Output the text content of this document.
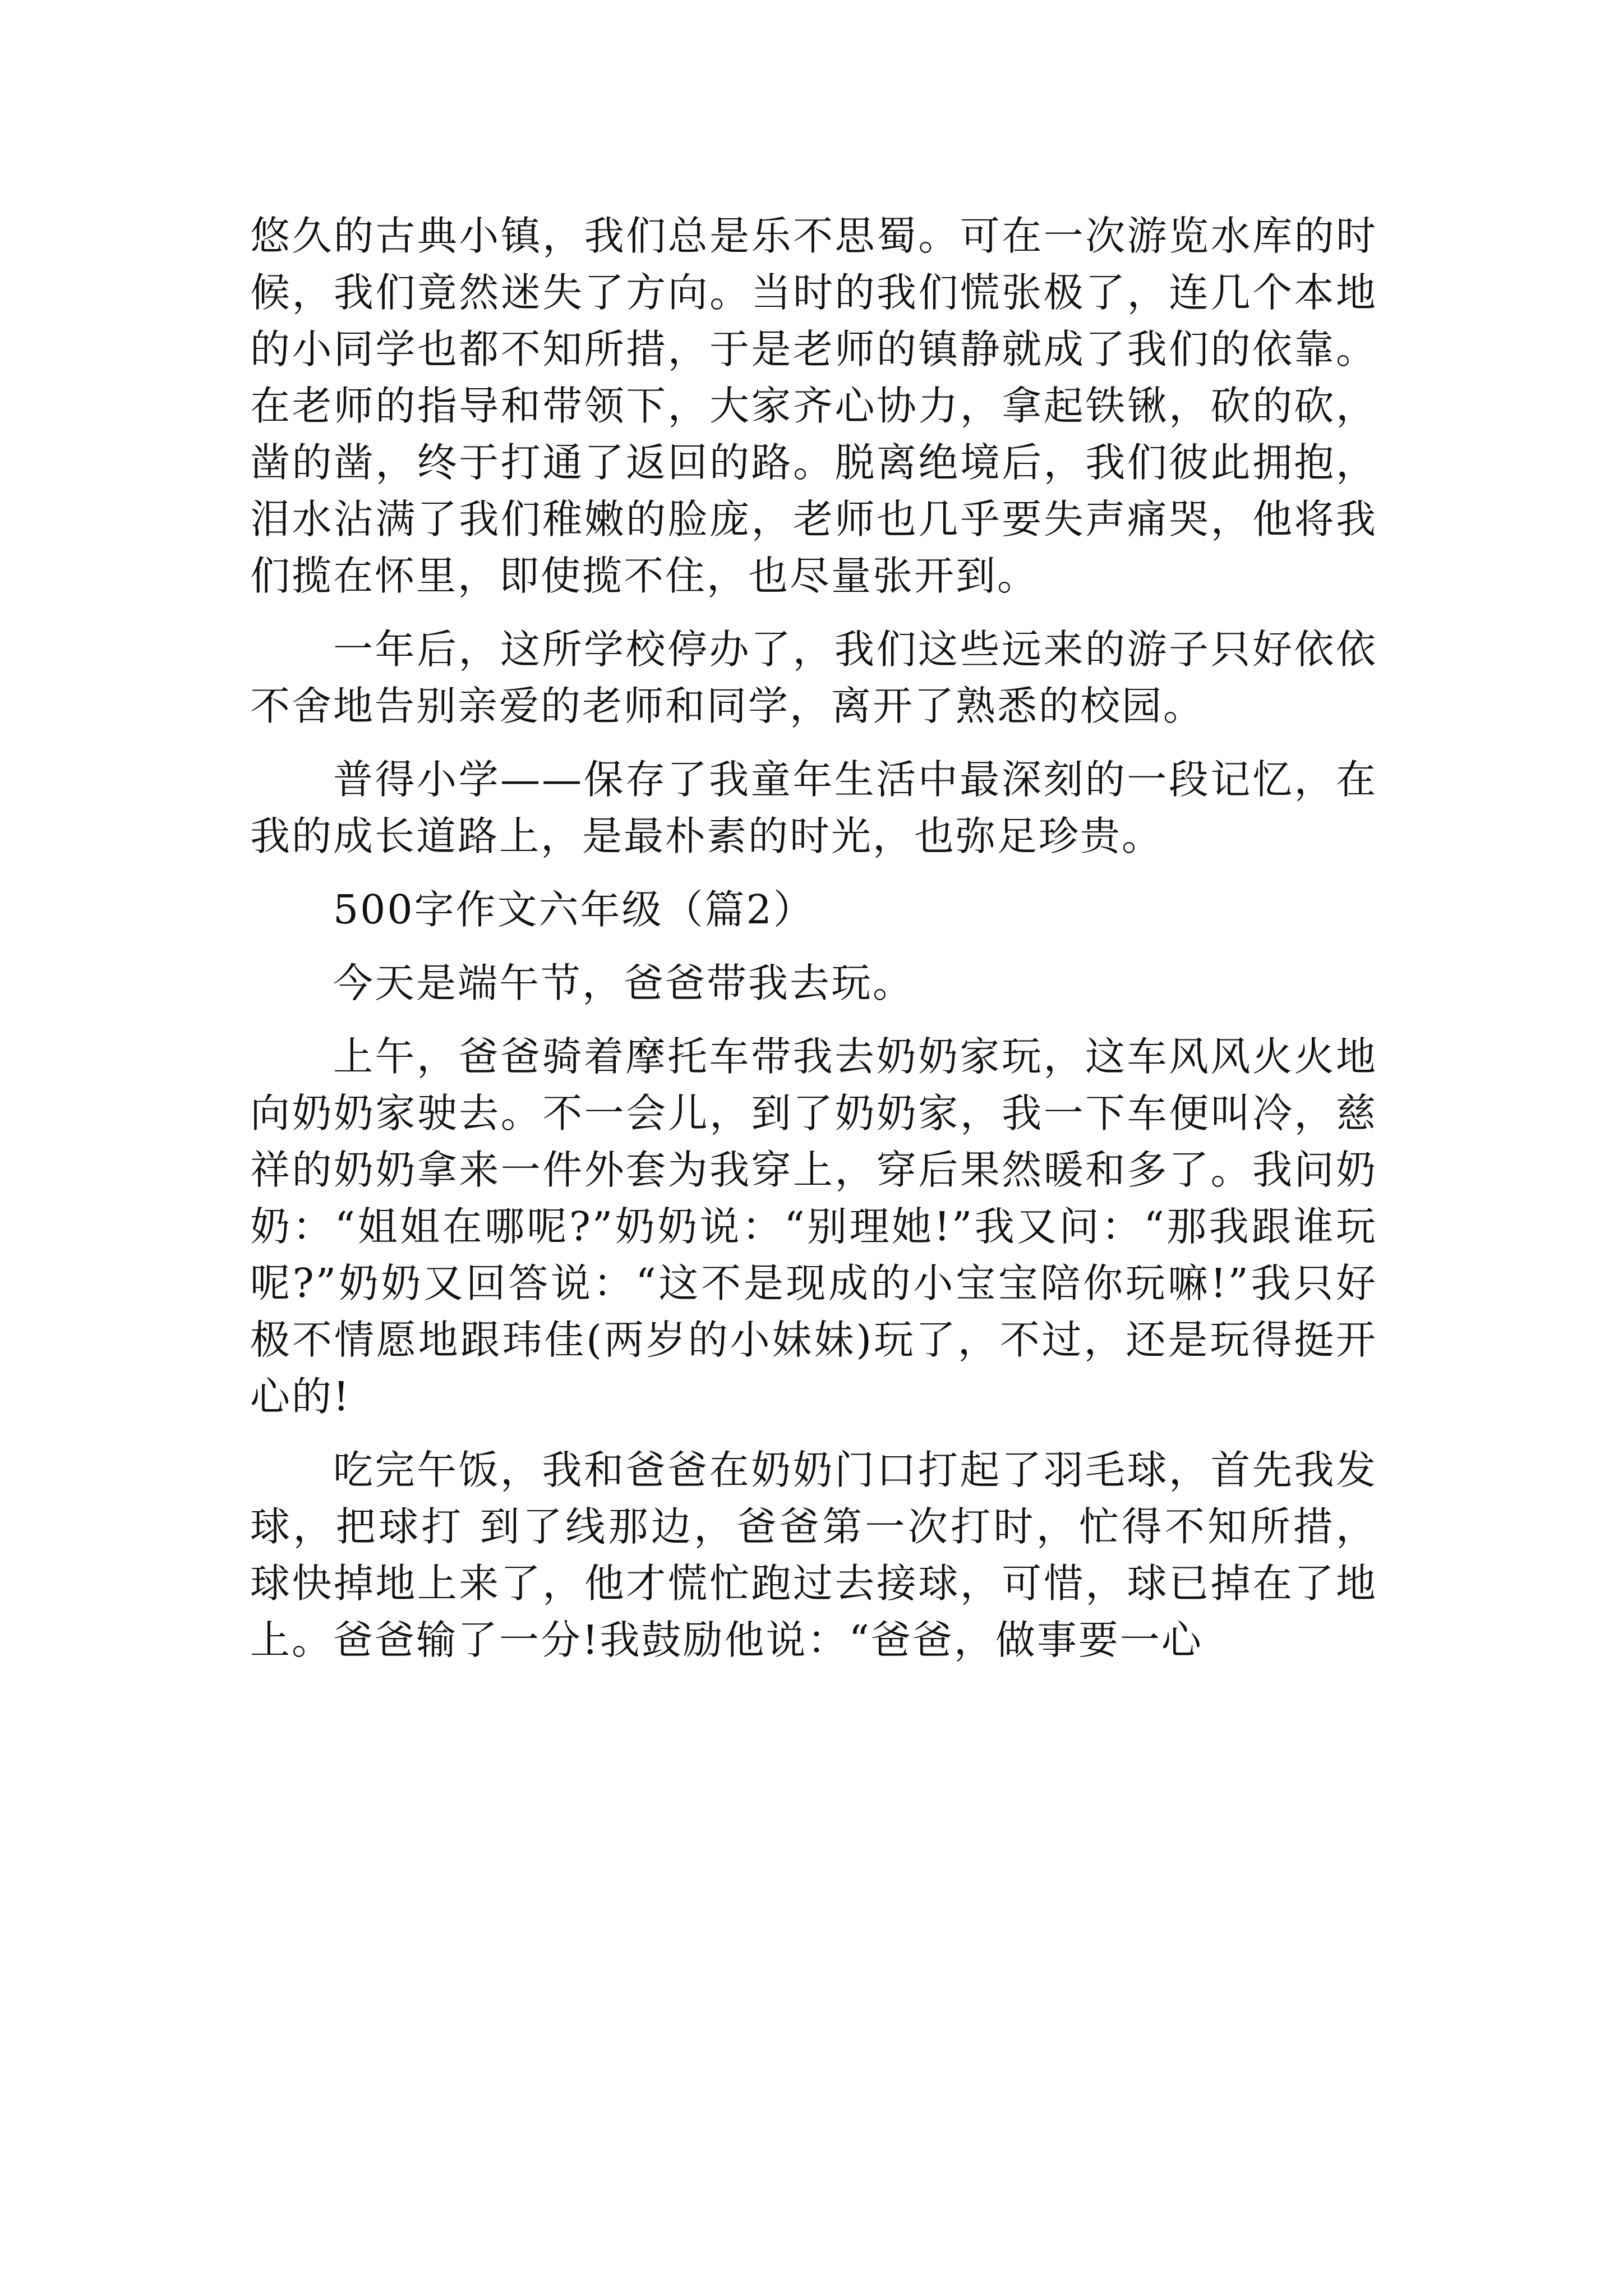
悠久的古典小镇，我们总是乐不思蜀。可在一次游览水库的时候，我们竟然迷失了方向。当时的我们慌张极了，连几个本地的小同学也都不知所措，于是老师的镇静就成了我们的依靠。在老师的指导和带领下，大家齐心协力，拿起铁锹，砍的砍，凿的凿，终于打通了返回的路。脱离绝境后，我们彼此拥抱，泪水沾满了我们稚嫩的脸庞，老师也几乎要失声痛哭，他将我们揽在怀里，即使揽不住，也尽量张开到。

一年后，这所学校停办了，我们这些远来的游子只好依依不舍地告别亲爱的老师和同学，离开了熟悉的校园。

普得小学——保存了我童年生活中最深刻的一段记忆，在我的成长道路上，是最朴素的时光，也弥足珍贵。

500字作文六年级（篇2）

今天是端午节，爸爸带我去玩。

上午，爸爸骑着摩托车带我去奶奶家玩，这车风风火火地向奶奶家驶去。不一会儿，到了奶奶家，我一下车便叫冷，慈祥的奶奶拿来一件外套为我穿上，穿后果然暖和多了。我问奶奶：“姐姐在哪呢?”奶奶说：“别理她!”我又问：“那我跟谁玩呢?”奶奶又回答说：“这不是现成的小宝宝陪你玩嘛!”我只好极不情愿地跟玮佳(两岁的小妹妹)玩了，不过，还是玩得挺开心的!

吃完午饭，我和爸爸在奶奶门口打起了羽毛球，首先我发球，把球打 到了线那边，爸爸第一次打时，忙得不知所措，球快掉地上来了，他才慌忙跑过去接球，可惜，球已掉在了地上。爸爸输了一分!我鼓励他说：“爸爸，做事要一心
